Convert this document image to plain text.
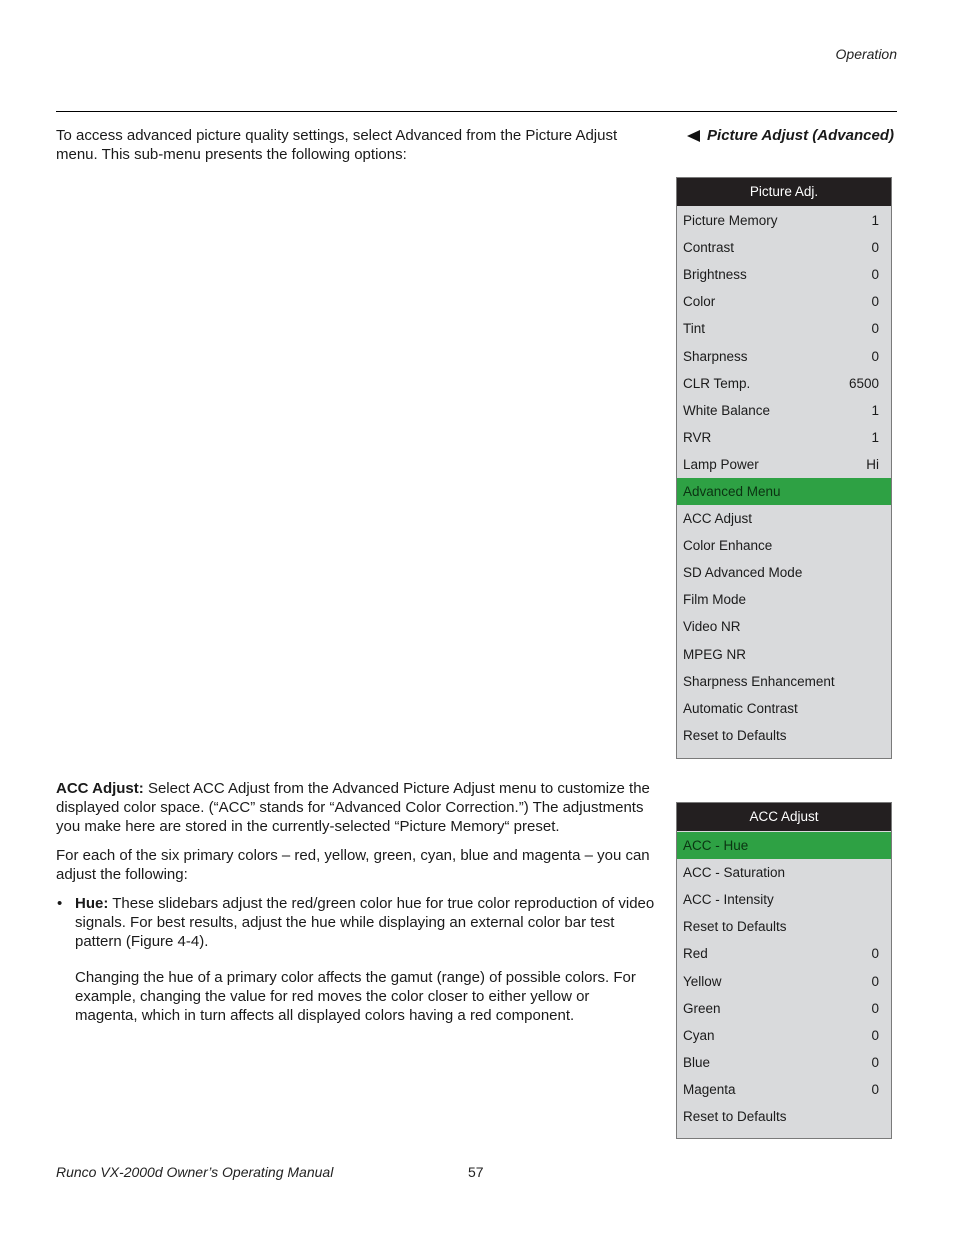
Operation

To access advanced picture quality settings, select Advanced from the Picture Adjust menu. This sub-menu presents the following options:

Picture Adjust (Advanced)
Picture Adj.
Picture Memory	1
Contrast	0
Brightness	0
Color	0
Tint	0
Sharpness	0
CLR Temp.	6500
White Balance	1
RVR	1
Lamp Power	Hi
Advanced Menu
ACC Adjust
Color Enhance
SD Advanced Mode
Film Mode
Video NR
MPEG NR
Sharpness Enhancement
Automatic Contrast
Reset to Defaults

ACC Adjust: Select ACC Adjust from the Advanced Picture Adjust menu to customize the displayed color space. (“ACC” stands for “Advanced Color Correction.”) The adjustments you make here are stored in the currently-selected “Picture Memory“ preset.

For each of the six primary colors – red, yellow, green, cyan, blue and magenta – you can adjust the following:

• Hue: These slidebars adjust the red/green color hue for true color reproduction of video signals. For best results, adjust the hue while displaying an external color bar test pattern (Figure 4-4).

Changing the hue of a primary color affects the gamut (range) of possible colors. For example, changing the value for red moves the color closer to either yellow or magenta, which in turn affects all displayed colors having a red component.

ACC Adjust
ACC - Hue
ACC - Saturation
ACC - Intensity
Reset to Defaults
Red	0
Yellow	0
Green	0
Cyan	0
Blue	0
Magenta	0
Reset to Defaults
Runco VX-2000d Owner’s Operating Manual	57
